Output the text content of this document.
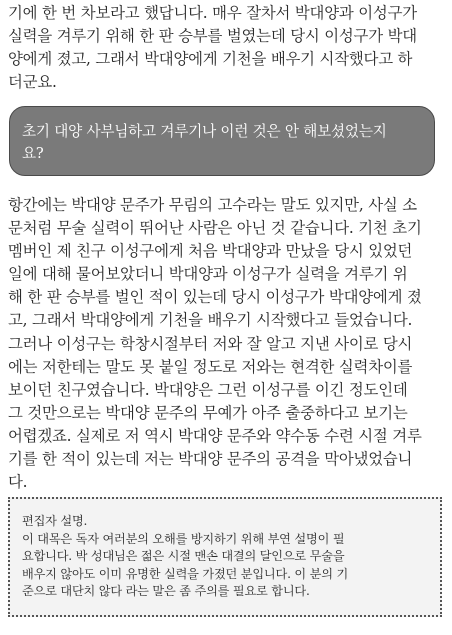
기에 한 번 차보라고 했답니다. 매우 잘차서 박대양과 이성구가
실력을 겨루기 위해 한 판 승부를 벌였는데 당시 이성구가 박대
양에게 졌고, 그래서 박대양에게 기천을 배우기 시작했다고 하
더군요.
초기 대양 사부님하고 겨루기나 이런 것은 안 해보셨었는지
요?
항간에는 박대양 문주가 무림의 고수라는 말도 있지만, 사실 소
문처럼 무술 실력이 뛰어난 사람은 아닌 것 같습니다. 기천 초기
멤버인 제 친구 이성구에게 처음 박대양과 만났을 당시 있었던
일에 대해 물어보았더니 박대양과 이성구가 실력을 겨루기 위
해 한 판 승부를 벌인 적이 있는데 당시 이성구가 박대양에게 졌
고, 그래서 박대양에게 기천을 배우기 시작했다고 들었습니다.
그러나 이성구는 학창시절부터 저와 잘 알고 지낸 사이로 당시
에는 저한테는 말도 못 붙일 정도로 저와는 현격한 실력차이를
보이던 친구였습니다. 박대양은 그런 이성구를 이긴 정도인데
그 것만으로는 박대양 문주의 무예가 아주 출중하다고 보기는
어렵겠죠. 실제로 저 역시 박대양 문주와 약수동 수련 시절 겨루
기를 한 적이 있는데 저는 박대양 문주의 공격을 막아냈었습니
다.
편집자 설명.
이 대목은 독자 여러분의 오해를 방지하기 위해 부연 설명이 필
요합니다. 박 성대님은 젊은 시절 맨손 대결의 달인으로 무술을
배우지 않아도 이미 유명한 실력을 가졌던 분입니다. 이 분의 기
준으로 대단치 않다 라는 말은 좀 주의를 필요로 합니다.
